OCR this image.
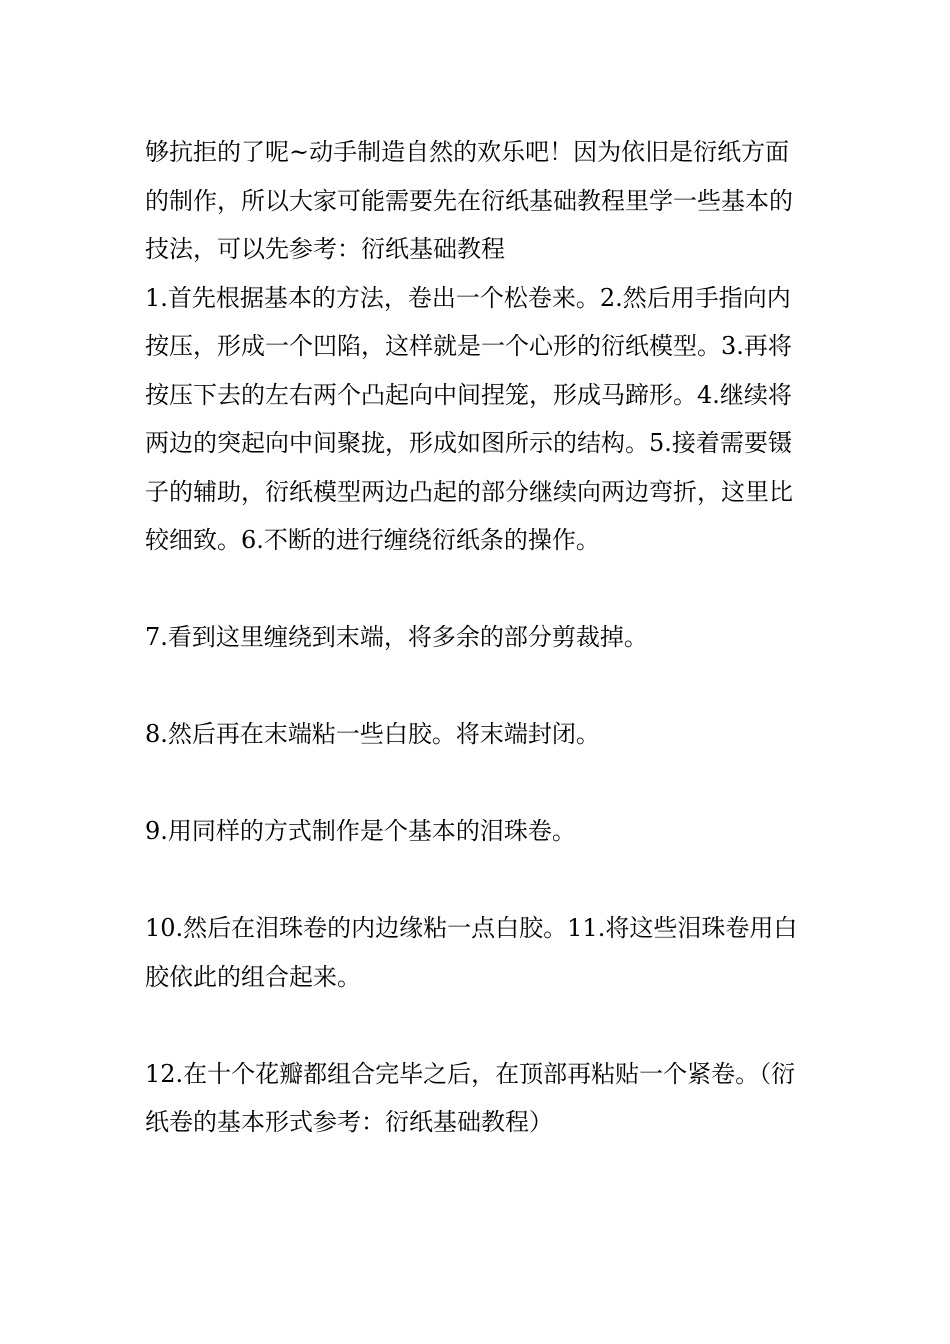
够抗拒的了呢~动手制造自然的欢乐吧！因为依旧是衍纸方面的制作，所以大家可能需要先在衍纸基础教程里学一些基本的技法，可以先参考：衍纸基础教程

1.首先根据基本的方法，卷出一个松卷来。2.然后用手指向内按压，形成一个凹陷，这样就是一个心形的衍纸模型。3.再将按压下去的左右两个凸起向中间捏笼，形成马蹄形。4.继续将两边的突起向中间聚拢，形成如图所示的结构。5.接着需要镊子的辅助，衍纸模型两边凸起的部分继续向两边弯折，这里比较细致。6.不断的进行缠绕衍纸条的操作。

7.看到这里缠绕到末端，将多余的部分剪裁掉。

8.然后再在末端粘一些白胶。将末端封闭。

9.用同样的方式制作是个基本的泪珠卷。

10.然后在泪珠卷的内边缘粘一点白胶。11.将这些泪珠卷用白胶依此的组合起来。

12.在十个花瓣都组合完毕之后，在顶部再粘贴一个紧卷。（衍纸卷的基本形式参考：衍纸基础教程）
